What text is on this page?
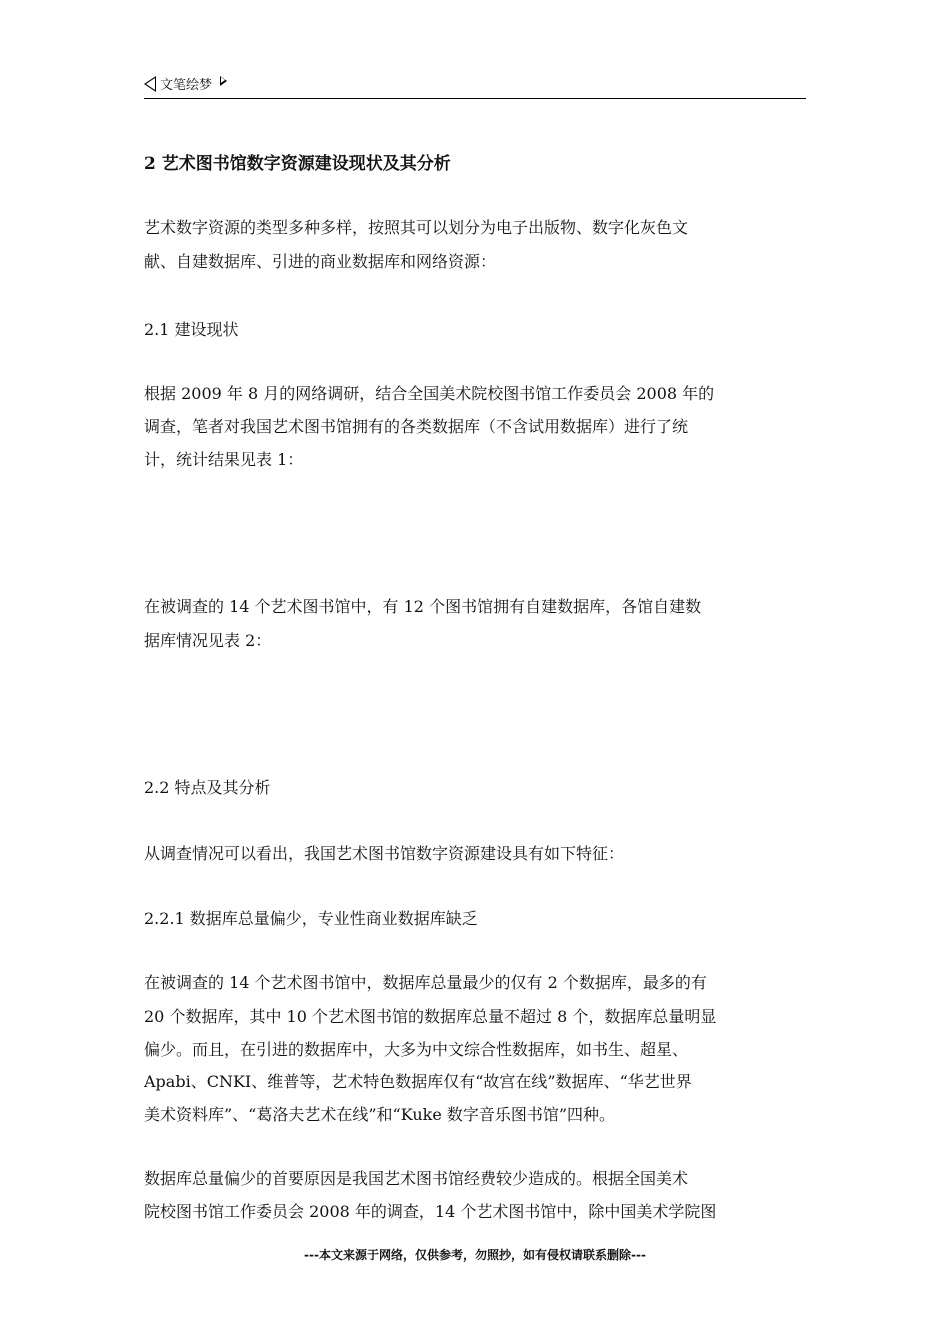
文笔绘梦
2 艺术图书馆数字资源建设现状及其分析
艺术数字资源的类型多种多样，按照其可以划分为电子出版物、数字化灰色文
献、自建数据库、引进的商业数据库和网络资源：
2.1 建设现状
根据 2009 年 8 月的网络调研，结合全国美术院校图书馆工作委员会 2008 年的
调查，笔者对我国艺术图书馆拥有的各类数据库（不含试用数据库）进行了统
计，统计结果见表 1：
在被调查的 14 个艺术图书馆中，有 12 个图书馆拥有自建数据库，各馆自建数
据库情况见表 2：
2.2 特点及其分析
从调查情况可以看出，我国艺术图书馆数字资源建设具有如下特征：
2.2.1 数据库总量偏少，专业性商业数据库缺乏
在被调查的 14 个艺术图书馆中，数据库总量最少的仅有 2 个数据库，最多的有
20 个数据库，其中 10 个艺术图书馆的数据库总量不超过 8 个，数据库总量明显
偏少。而且，在引进的数据库中，大多为中文综合性数据库，如书生、超星、
Apabi、CNKI、维普等，艺术特色数据库仅有“故宫在线”数据库、“华艺世界
美术资料库”、“葛洛夫艺术在线”和“Kuke 数字音乐图书馆”四种。
数据库总量偏少的首要原因是我国艺术图书馆经费较少造成的。根据全国美术
院校图书馆工作委员会 2008 年的调查，14 个艺术图书馆中，除中国美术学院图
---本文来源于网络，仅供参考，勿照抄，如有侵权请联系删除---
